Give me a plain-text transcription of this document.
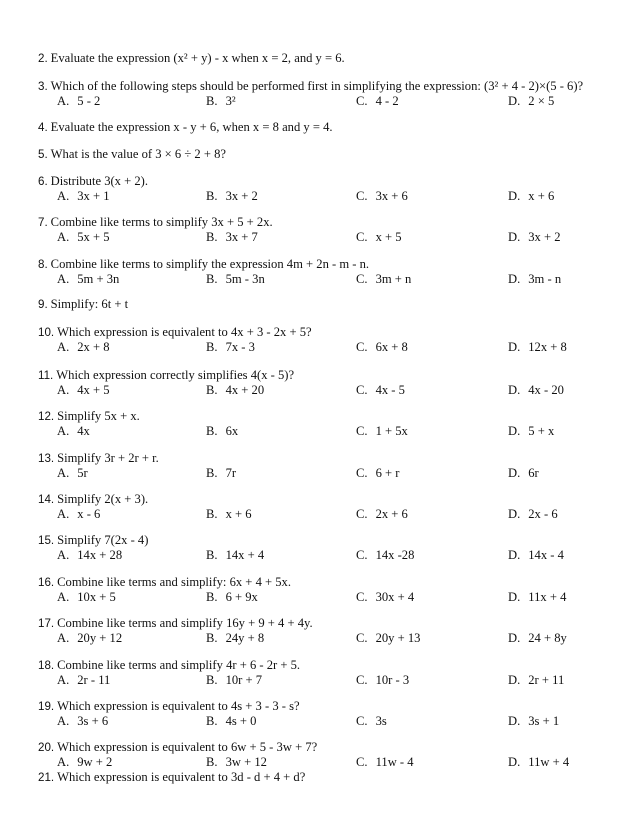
2. Evaluate the expression (x² + y) - x when x = 2, and y = 6.
3. Which of the following steps should be performed first in simplifying the expression: (3² + 4 - 2)×(5 - 6)?
A. 5 - 2	B. 3²	C. 4 - 2	D. 2 × 5
4. Evaluate the expression x - y + 6, when x = 8 and y = 4.
5. What is the value of 3 × 6 ÷ 2 + 8?
6. Distribute 3(x + 2).
A. 3x + 1	B. 3x + 2	C. 3x + 6	D. x + 6
7. Combine like terms to simplify 3x + 5 + 2x.
A. 5x + 5	B. 3x + 7	C. x + 5	D. 3x + 2
8. Combine like terms to simplify the expression 4m + 2n - m - n.
A. 5m + 3n	B. 5m - 3n	C. 3m + n	D. 3m - n
9. Simplify: 6t + t
10. Which expression is equivalent to 4x + 3 - 2x + 5?
A. 2x + 8	B. 7x - 3	C. 6x + 8	D. 12x + 8
11. Which expression correctly simplifies 4(x - 5)?
A. 4x + 5	B. 4x + 20	C. 4x - 5	D. 4x - 20
12. Simplify 5x + x.
A. 4x	B. 6x	C. 1 + 5x	D. 5 + x
13. Simplify 3r + 2r + r.
A. 5r	B. 7r	C. 6 + r	D. 6r
14. Simplify 2(x + 3).
A. x - 6	B. x + 6	C. 2x + 6	D. 2x - 6
15. Simplify 7(2x - 4)
A. 14x + 28	B. 14x + 4	C. 14x -28	D. 14x - 4
16. Combine like terms and simplify: 6x + 4 + 5x.
A. 10x + 5	B. 6 + 9x	C. 30x + 4	D. 11x + 4
17. Combine like terms and simplify 16y + 9 + 4 + 4y.
A. 20y + 12	B. 24y + 8	C. 20y + 13	D. 24 + 8y
18. Combine like terms and simplify 4r + 6 - 2r + 5.
A. 2r - 11	B. 10r + 7	C. 10r - 3	D. 2r + 11
19. Which expression is equivalent to 4s + 3 - 3 - s?
A. 3s + 6	B. 4s + 0	C. 3s	D. 3s + 1
20. Which expression is equivalent to 6w + 5 - 3w + 7?
A. 9w + 2	B. 3w + 12	C. 11w - 4	D. 11w + 4
21. Which expression is equivalent to 3d - d + 4 + d?
